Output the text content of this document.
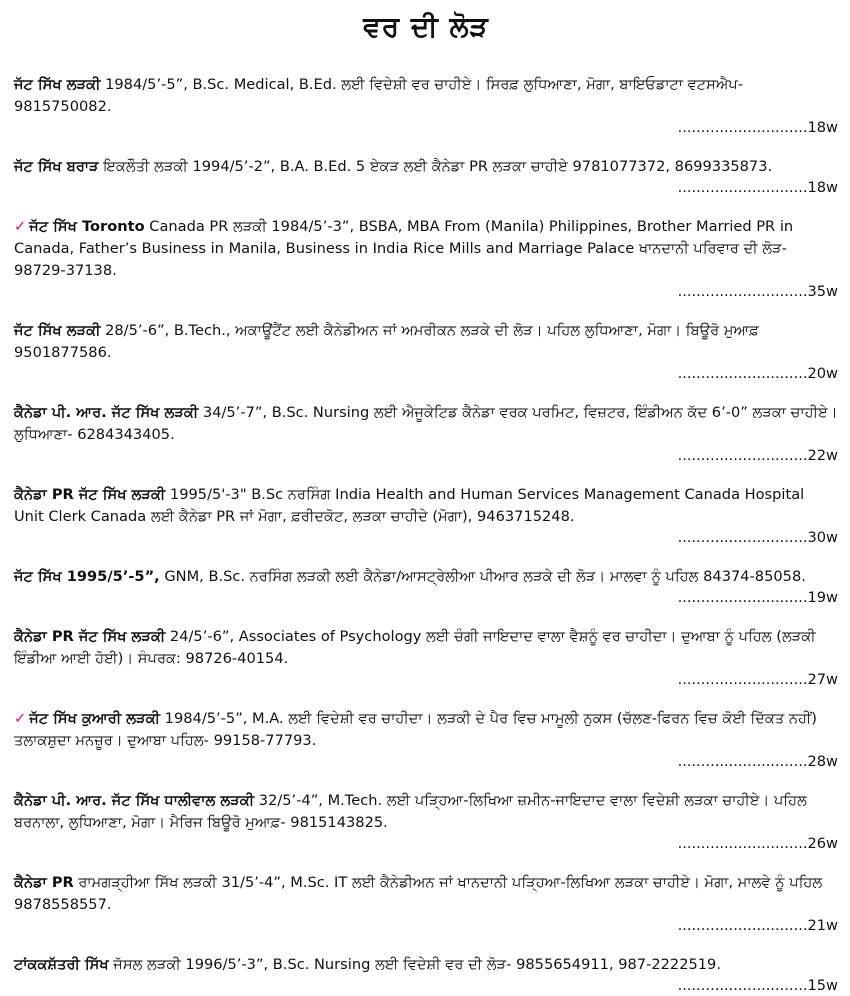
ਵਰ ਦੀ ਲੋੜ

ਜੱਟ ਸਿੱਖ ਲੜਕੀ 1984/5’-5”, B.Sc. Medical, B.Ed. ਲਈ ਵਿਦੇਸ਼ੀ ਵਰ ਚਾਹੀਏ। ਸਿਰਫ਼ ਲੁਧਿਆਣਾ, ਮੋਗਾ, ਬਾਇਓਡਾਟਾ ਵਟਸਐਪ- 9815750082.
............................18w

ਜੱਟ ਸਿੱਖ ਬਰਾੜ ਇਕਲੌਤੀ ਲੜਕੀ 1994/5’-2”, B.A. B.Ed. 5 ਏਕੜ ਲਈ ਕੈਨੇਡਾ PR ਲੜਕਾ ਚਾਹੀਏ 9781077372, 8699335873.
............................18w

✓ ਜੱਟ ਸਿੱਖ Toronto Canada PR ਲੜਕੀ 1984/5’-3”, BSBA, MBA From (Manila) Philippines, Brother Married PR in Canada, Father’s Business in Manila, Business in India Rice Mills and Marriage Palace ਖਾਨਦਾਨੀ ਪਰਿਵਾਰ ਦੀ ਲੋੜ- 98729-37138.
............................35w

ਜੱਟ ਸਿੱਖ ਲੜਕੀ 28/5’-6”, B.Tech., ਅਕਾਊਂਟੈਂਟ ਲਈ ਕੈਨੇਡੀਅਨ ਜਾਂ ਅਮਰੀਕਨ ਲੜਕੇ ਦੀ ਲੋੜ। ਪਹਿਲ ਲੁਧਿਆਣਾ, ਮੋਗਾ। ਬਿਊਰੋ ਮੁਆਫ਼ 9501877586.
............................20w

ਕੈਨੇਡਾ ਪੀ. ਆਰ. ਜੱਟ ਸਿੱਖ ਲੜਕੀ 34/5’-7”, B.Sc. Nursing ਲਈ ਐਜੂਕੇਟਿਡ ਕੈਨੇਡਾ ਵਰਕ ਪਰਮਿਟ, ਵਿਜ਼ਟਰ, ਇੰਡੀਅਨ ਕੱਦ 6’-0” ਲੜਕਾ ਚਾਹੀਏ। ਲੁਧਿਆਣਾ- 6284343405.
............................22w

ਕੈਨੇਡਾ PR ਜੱਟ ਸਿੱਖ ਲੜਕੀ 1995/5'-3" B.Sc ਨਰਸਿੰਗ India Health and Human Services Management Canada Hospital Unit Clerk Canada ਲਈ ਕੈਨੇਡਾ PR ਜਾਂ ਮੋਗਾ, ਫ਼ਰੀਦਕੋਟ, ਲੜਕਾ ਚਾਹੀਦੇ (ਮੋਗਾ), 9463715248.
............................30w

ਜੱਟ ਸਿੱਖ 1995/5’-5”, GNM, B.Sc. ਨਰਸਿੰਗ ਲੜਕੀ ਲਈ ਕੈਨੇਡਾ/ਆਸਟ੍ਰੇਲੀਆ ਪੀਆਰ ਲੜਕੇ ਦੀ ਲੋੜ। ਮਾਲਵਾ ਨੂੰ ਪਹਿਲ 84374-85058.
............................19w

ਕੈਨੇਡਾ PR ਜੱਟ ਸਿੱਖ ਲੜਕੀ 24/5’-6”, Associates of Psychology ਲਈ ਚੰਗੀ ਜਾਇਦਾਦ ਵਾਲਾ ਵੈਸ਼ਨੂੰ ਵਰ ਚਾਹੀਦਾ। ਦੁਆਬਾ ਨੂੰ ਪਹਿਲ (ਲੜਕੀ ਇੰਡੀਆ ਆਈ ਹੋਈ)। ਸੰਪਰਕ: 98726-40154.
............................27w

✓ ਜੱਟ ਸਿੱਖ ਕੁਆਰੀ ਲੜਕੀ 1984/5’-5”, M.A. ਲਈ ਵਿਦੇਸ਼ੀ ਵਰ ਚਾਹੀਦਾ। ਲੜਕੀ ਦੇ ਪੈਰ ਵਿਚ ਮਾਮੂਲੀ ਨੁਕਸ (ਚੱਲਣ-ਫਿਰਨ ਵਿਚ ਕੋਈ ਦਿੱਕਤ ਨਹੀਂ) ਤਲਾਕਸ਼ੁਦਾ ਮਨਜ਼ੂਰ। ਦੁਆਬਾ ਪਹਿਲ- 99158-77793.
............................28w

ਕੈਨੇਡਾ ਪੀ. ਆਰ. ਜੱਟ ਸਿੱਖ ਧਾਲੀਵਾਲ ਲੜਕੀ 32/5’-4”, M.Tech. ਲਈ ਪੜ੍ਹਿਆ-ਲਿਖਿਆ ਜ਼ਮੀਨ-ਜਾਇਦਾਦ ਵਾਲਾ ਵਿਦੇਸ਼ੀ ਲੜਕਾ ਚਾਹੀਏ। ਪਹਿਲ ਬਰਨਾਲਾ, ਲੁਧਿਆਣਾ, ਮੋਗਾ। ਮੈਰਿਜ ਬਿਊਰੋ ਮੁਆਫ਼- 9815143825.
............................26w

ਕੈਨੇਡਾ PR ਰਾਮਗੜ੍ਹੀਆ ਸਿੱਖ ਲੜਕੀ 31/5’-4”, M.Sc. IT ਲਈ ਕੈਨੇਡੀਅਨ ਜਾਂ ਖਾਨਦਾਨੀ ਪੜ੍ਹਿਆ-ਲਿਖਿਆ ਲੜਕਾ ਚਾਹੀਏ। ਮੋਗਾ, ਮਾਲਵੇ ਨੂੰ ਪਹਿਲ 9878558557.
............................21w

ਟਾਂਕਕਸ਼ੱਤਰੀ ਸਿੱਖ ਜੱਸਲ ਲੜਕੀ 1996/5’-3”, B.Sc. Nursing ਲਈ ਵਿਦੇਸ਼ੀ ਵਰ ਦੀ ਲੋੜ- 9855654911, 987-2222519.
............................15w
